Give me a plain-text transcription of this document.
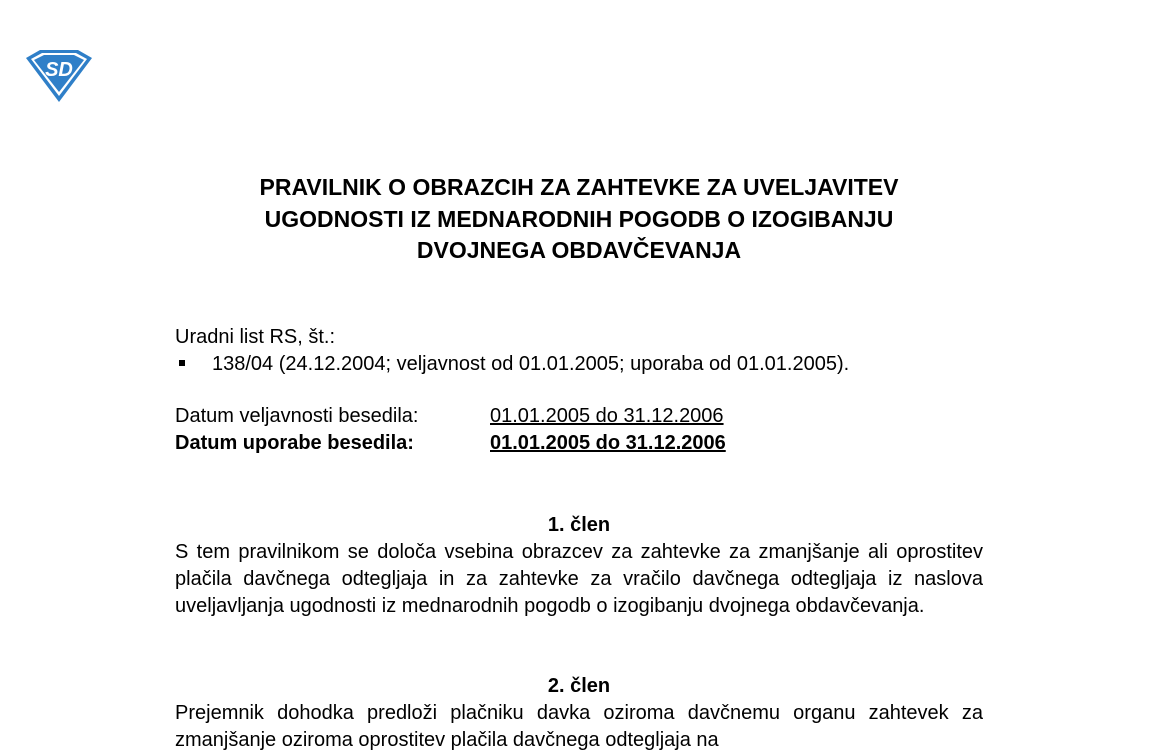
SD
PRAVILNIK O OBRAZCIH ZA ZAHTEVKE ZA UVELJAVITEV
UGODNOSTI IZ MEDNARODNIH POGODB O IZOGIBANJU
DVOJNEGA OBDAVČEVANJA
Uradni list RS, št.:
138/04 (24.12.2004; veljavnost od 01.01.2005; uporaba od 01.01.2005).
Datum veljavnosti besedila:	01.01.2005 do 31.12.2006
Datum uporabe besedila:	01.01.2005 do 31.12.2006
1. člen

S tem pravilnikom se določa vsebina obrazcev za zahtevke za zmanjšanje ali oprostitev plačila davčnega odtegljaja in za zahtevke za vračilo davčnega odtegljaja iz naslova uveljavljanja ugodnosti iz mednarodnih pogodb o izogibanju dvojnega obdavčevanja.

2. člen

Prejemnik dohodka predloži plačniku davka oziroma davčnemu organu zahtevek za zmanjšanje oziroma oprostitev plačila davčnega odtegljaja na
